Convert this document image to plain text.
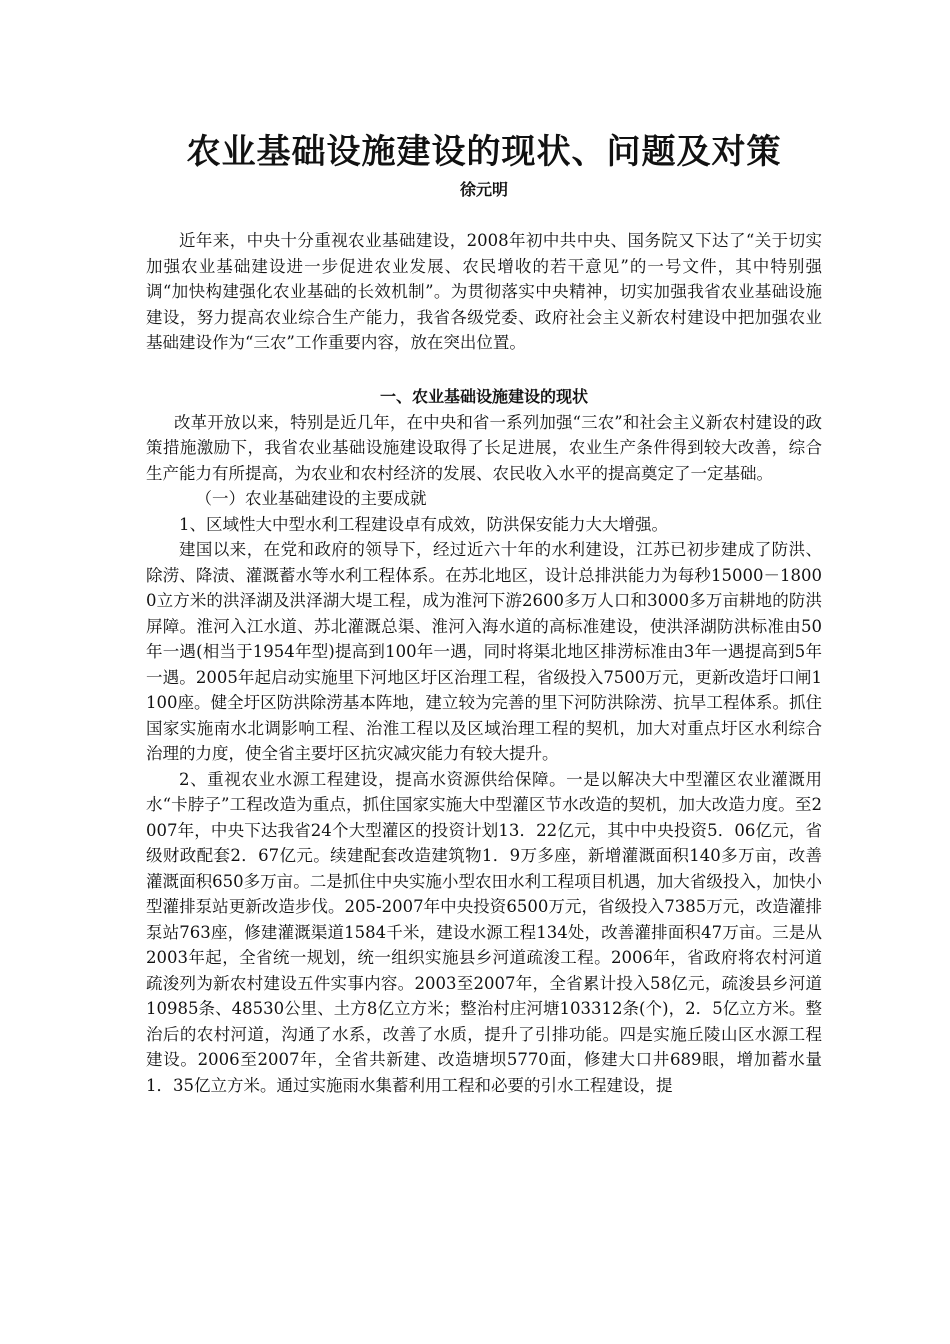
农业基础设施建设的现状、问题及对策

徐元明

近年来，中央十分重视农业基础建设，2008年初中共中央、国务院又下达了“关于切实加强农业基础建设进一步促进农业发展、农民增收的若干意见”的一号文件，其中特别强调“加快构建强化农业基础的长效机制”。为贯彻落实中央精神，切实加强我省农业基础设施建设，努力提高农业综合生产能力，我省各级党委、政府社会主义新农村建设中把加强农业基础建设作为“三农”工作重要内容，放在突出位置。

一、农业基础设施建设的现状

改革开放以来，特别是近几年，在中央和省一系列加强“三农”和社会主义新农村建设的政策措施激励下，我省农业基础设施建设取得了长足进展，农业生产条件得到较大改善，综合生产能力有所提高，为农业和农村经济的发展、农民收入水平的提高奠定了一定基础。

（一）农业基础建设的主要成就

1、区域性大中型水利工程建设卓有成效，防洪保安能力大大增强。

建国以来，在党和政府的领导下，经过近六十年的水利建设，江苏已初步建成了防洪、除涝、降渍、灌溉蓄水等水利工程体系。在苏北地区，设计总排洪能力为每秒15000－18000立方米的洪泽湖及洪泽湖大堤工程，成为淮河下游2600多万人口和3000多万亩耕地的防洪屏障。淮河入江水道、苏北灌溉总渠、淮河入海水道的高标准建设，使洪泽湖防洪标准由50年一遇(相当于1954年型)提高到100年一遇，同时将渠北地区排涝标准由3年一遇提高到5年一遇。2005年起启动实施里下河地区圩区治理工程，省级投入7500万元，更新改造圩口闸1100座。健全圩区防洪除涝基本阵地，建立较为完善的里下河防洪除涝、抗旱工程体系。抓住国家实施南水北调影响工程、治淮工程以及区域治理工程的契机，加大对重点圩区水利综合治理的力度，使全省主要圩区抗灾减灾能力有较大提升。

2、重视农业水源工程建设，提高水资源供给保障。一是以解决大中型灌区农业灌溉用水“卡脖子”工程改造为重点，抓住国家实施大中型灌区节水改造的契机，加大改造力度。至2007年，中央下达我省24个大型灌区的投资计划13．22亿元，其中中央投资5．06亿元，省级财政配套2．67亿元。续建配套改造建筑物1．9万多座，新增灌溉面积140多万亩，改善灌溉面积650多万亩。二是抓住中央实施小型农田水利工程项目机遇，加大省级投入，加快小型灌排泵站更新改造步伐。205-2007年中央投资6500万元，省级投入7385万元，改造灌排泵站763座，修建灌溉渠道1584千米，建设水源工程134处，改善灌排面积47万亩。三是从2003年起，全省统一规划，统一组织实施县乡河道疏浚工程。2006年，省政府将农村河道疏浚列为新农村建设五件实事内容。2003至2007年，全省累计投入58亿元，疏浚县乡河道10985条、48530公里、土方8亿立方米；整治村庄河塘103312条(个)，2．5亿立方米。整治后的农村河道，沟通了水系，改善了水质，提升了引排功能。四是实施丘陵山区水源工程建设。2006至2007年，全省共新建、改造塘坝5770面，修建大口井689眼，增加蓄水量1．35亿立方米。通过实施雨水集蓄利用工程和必要的引水工程建设，提
